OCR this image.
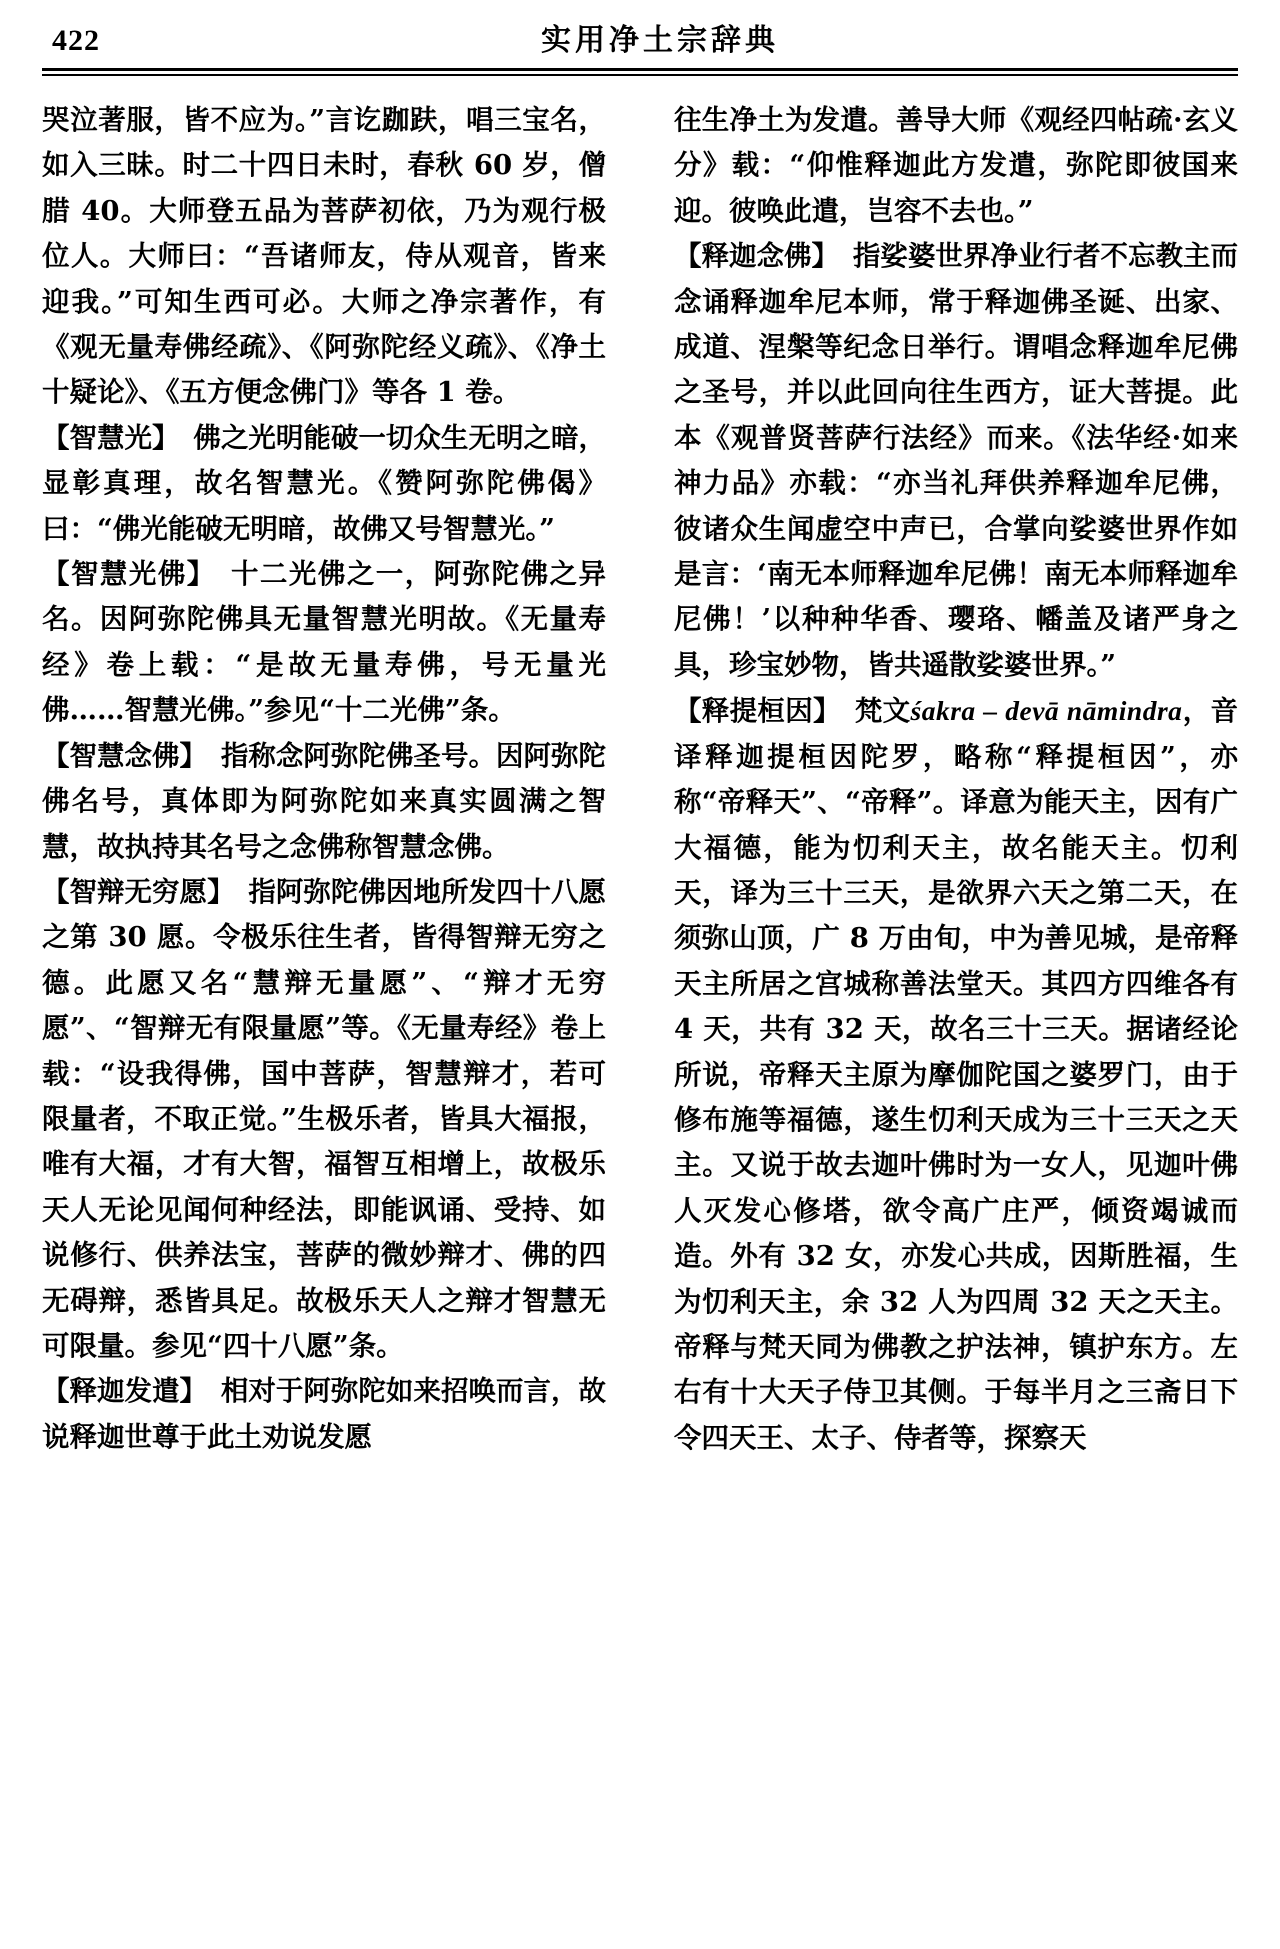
422	实用净土宗辞典

哭泣著服，皆不应为。”言讫跏趺，唱三宝名，如入三昧。时二十四日未时，春秋 60 岁，僧腊 40。大师登五品为菩萨初依，乃为观行极位人。大师曰：“吾诸师友，侍从观音，皆来迎我。”可知生西可必。大师之净宗著作，有《观无量寿佛经疏》、《阿弥陀经义疏》、《净土十疑论》、《五方便念佛门》等各 1 卷。

【智慧光】 佛之光明能破一切众生无明之暗，显彰真理，故名智慧光。《赞阿弥陀佛偈》曰：“佛光能破无明暗，故佛又号智慧光。”

【智慧光佛】 十二光佛之一，阿弥陀佛之异名。因阿弥陀佛具无量智慧光明故。《无量寿经》卷上载：“是故无量寿佛，号无量光佛……智慧光佛。”参见“十二光佛”条。

【智慧念佛】 指称念阿弥陀佛圣号。因阿弥陀佛名号，真体即为阿弥陀如来真实圆满之智慧，故执持其名号之念佛称智慧念佛。

【智辩无穷愿】 指阿弥陀佛因地所发四十八愿之第 30 愿。令极乐往生者，皆得智辩无穷之德。此愿又名“慧辩无量愿”、“辩才无穷愿”、“智辩无有限量愿”等。《无量寿经》卷上载：“设我得佛，国中菩萨，智慧辩才，若可限量者，不取正觉。”生极乐者，皆具大福报，唯有大福，才有大智，福智互相增上，故极乐天人无论见闻何种经法，即能讽诵、受持、如说修行、供养法宝，菩萨的微妙辩才、佛的四无碍辩，悉皆具足。故极乐天人之辩才智慧无可限量。参见“四十八愿”条。

【释迦发遣】 相对于阿弥陀如来招唤而言，故说释迦世尊于此土劝说发愿

往生净土为发遣。善导大师《观经四帖疏·玄义分》载：“仰惟释迦此方发遣，弥陀即彼国来迎。彼唤此遣，岂容不去也。”

【释迦念佛】 指娑婆世界净业行者不忘教主而念诵释迦牟尼本师，常于释迦佛圣诞、出家、成道、涅槃等纪念日举行。谓唱念释迦牟尼佛之圣号，并以此回向往生西方，证大菩提。此本《观普贤菩萨行法经》而来。《法华经·如来神力品》亦载：“亦当礼拜供养释迦牟尼佛，彼诸众生闻虚空中声已，合掌向娑婆世界作如是言：‘南无本师释迦牟尼佛！南无本师释迦牟尼佛！’以种种华香、璎珞、幡盖及诸严身之具，珍宝妙物，皆共遥散娑婆世界。”

【释提桓因】 梵文śakra – devā nāmindra，音译释迦提桓因陀罗，略称“释提桓因”，亦称“帝释天”、“帝释”。译意为能天主，因有广大福德，能为忉利天主，故名能天主。忉利天，译为三十三天，是欲界六天之第二天，在须弥山顶，广 8 万由旬，中为善见城，是帝释天主所居之宫城称善法堂天。其四方四维各有 4 天，共有 32 天，故名三十三天。据诸经论所说，帝释天主原为摩伽陀国之婆罗门，由于修布施等福德，遂生忉利天成为三十三天之天主。又说于故去迦叶佛时为一女人，见迦叶佛人灭发心修塔，欲令高广庄严，倾资竭诚而造。外有 32 女，亦发心共成，因斯胜福，生为忉利天主，余 32 人为四周 32 天之天主。帝释与梵天同为佛教之护法神，镇护东方。左右有十大天子侍卫其侧。于每半月之三斋日下令四天王、太子、侍者等，探察天
